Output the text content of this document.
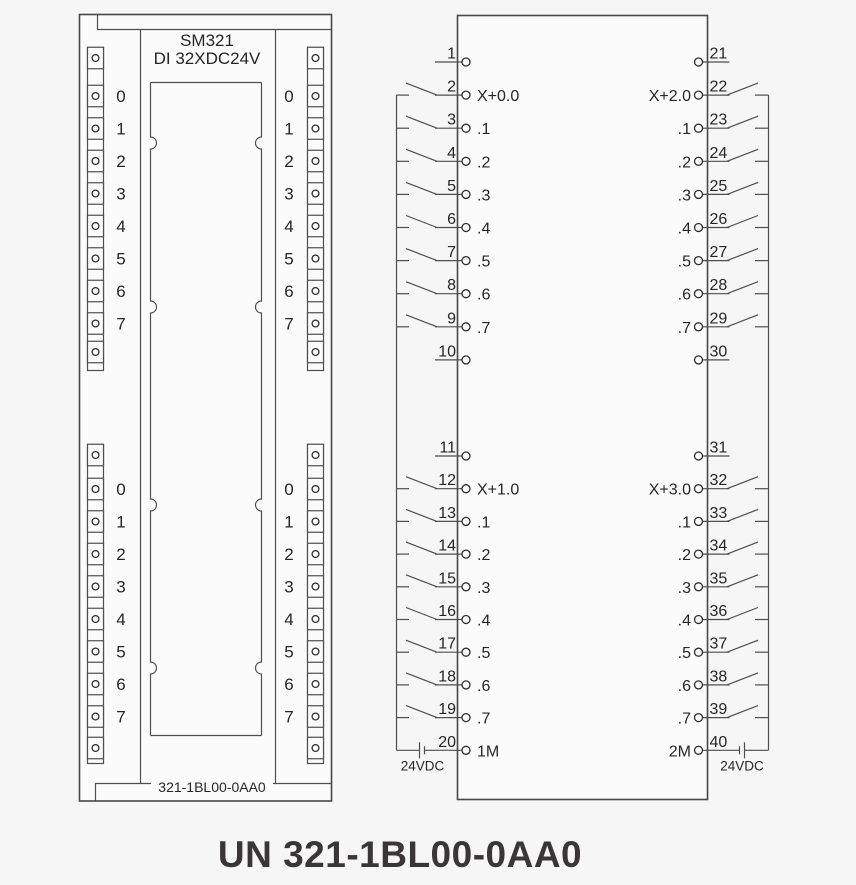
0
1
2
3
4
5
6
7
0
1
2
3
4
5
6
7
0
1
2
3
4
5
6
7
0
1
2
3
4
5
6
7
SM321
DI 32XDC24V
321-1BL00-0AA0
1
2
X+0.0
3
.1
4
.2
5
.3
6
.4
7
.5
8
.6
9
.7
10
11
12
X+1.0
13
.1
14
.2
15
.3
16
.4
17
.5
18
.6
19
.7
20
1M
24VDC
21
22
X+2.0
23
.1
24
.2
25
.3
26
.4
27
.5
28
.6
29
.7
30
31
32
X+3.0
33
.1
34
.2
35
.3
36
.4
37
.5
38
.6
39
.7
40
2M
24VDC
UN 321-1BL00-0AA0
